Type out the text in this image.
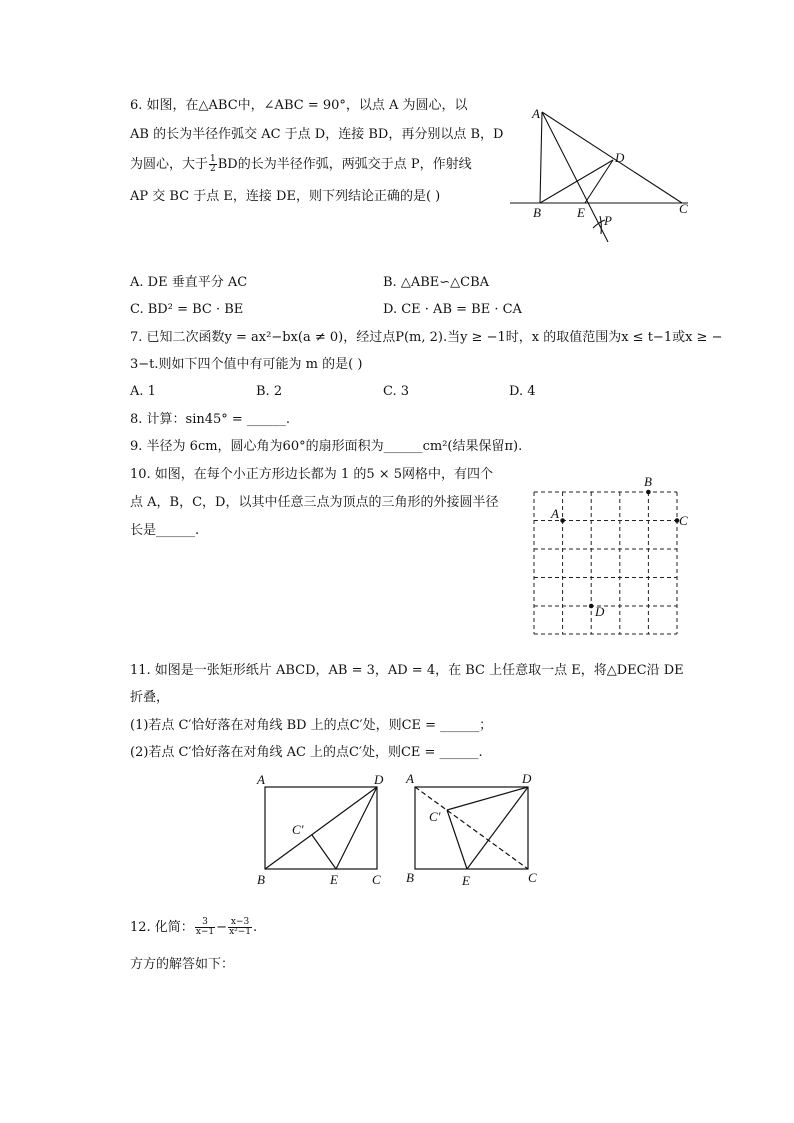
6. 如图，在△ABC中，∠ABC = 90°，以点 A 为圆心，以
AB 的长为半径作弧交 AC 于点 D，连接 BD，再分别以点 B，D
为圆心，大于 $\frac{1}{2}$ BD的长为半径作弧，两弧交于点 P，作射线
AP 交 BC 于点 E，连接 DE，则下列结论正确的是( )
A
D
B	E	C
P
A. DE 垂直平分 AC	B. △ABE∽△CBA
C. BD² = BC · BE	D. CE · AB = BE · CA
7. 已知二次函数y = ax²−bx(a ≠ 0)，经过点P(m, 2).当y ≥ −1时，x 的取值范围为x ≤ t−1或x ≥ −
3−t.则如下四个值中有可能为 m 的是( )
A. 1	B. 2	C. 3	D. 4
8. 计算：sin45° = ______.
9. 半径为 6cm，圆心角为60°的扇形面积为______cm²(结果保留π).
10. 如图，在每个小正方形边长都为 1 的5 × 5网格中，有四个
点 A，B，C，D，以其中任意三点为顶点的三角形的外接圆半径
长是______.
A
B
C
D
11. 如图是一张矩形纸片 ABCD，AB = 3，AD = 4，在 BC 上任意取一点 E，将△DEC沿 DE
折叠，
(1)若点 C′恰好落在对角线 BD 上的点C′处，则CE = ______；
(2)若点 C′恰好落在对角线 AC 上的点C′处，则CE = ______.
A	D
B	E	C
C′
A	D
B	E	C
C′
12. 化简： $\frac{3}{x-1} - \frac{x-3}{\text{x²−1}}$ .
方方的解答如下：
